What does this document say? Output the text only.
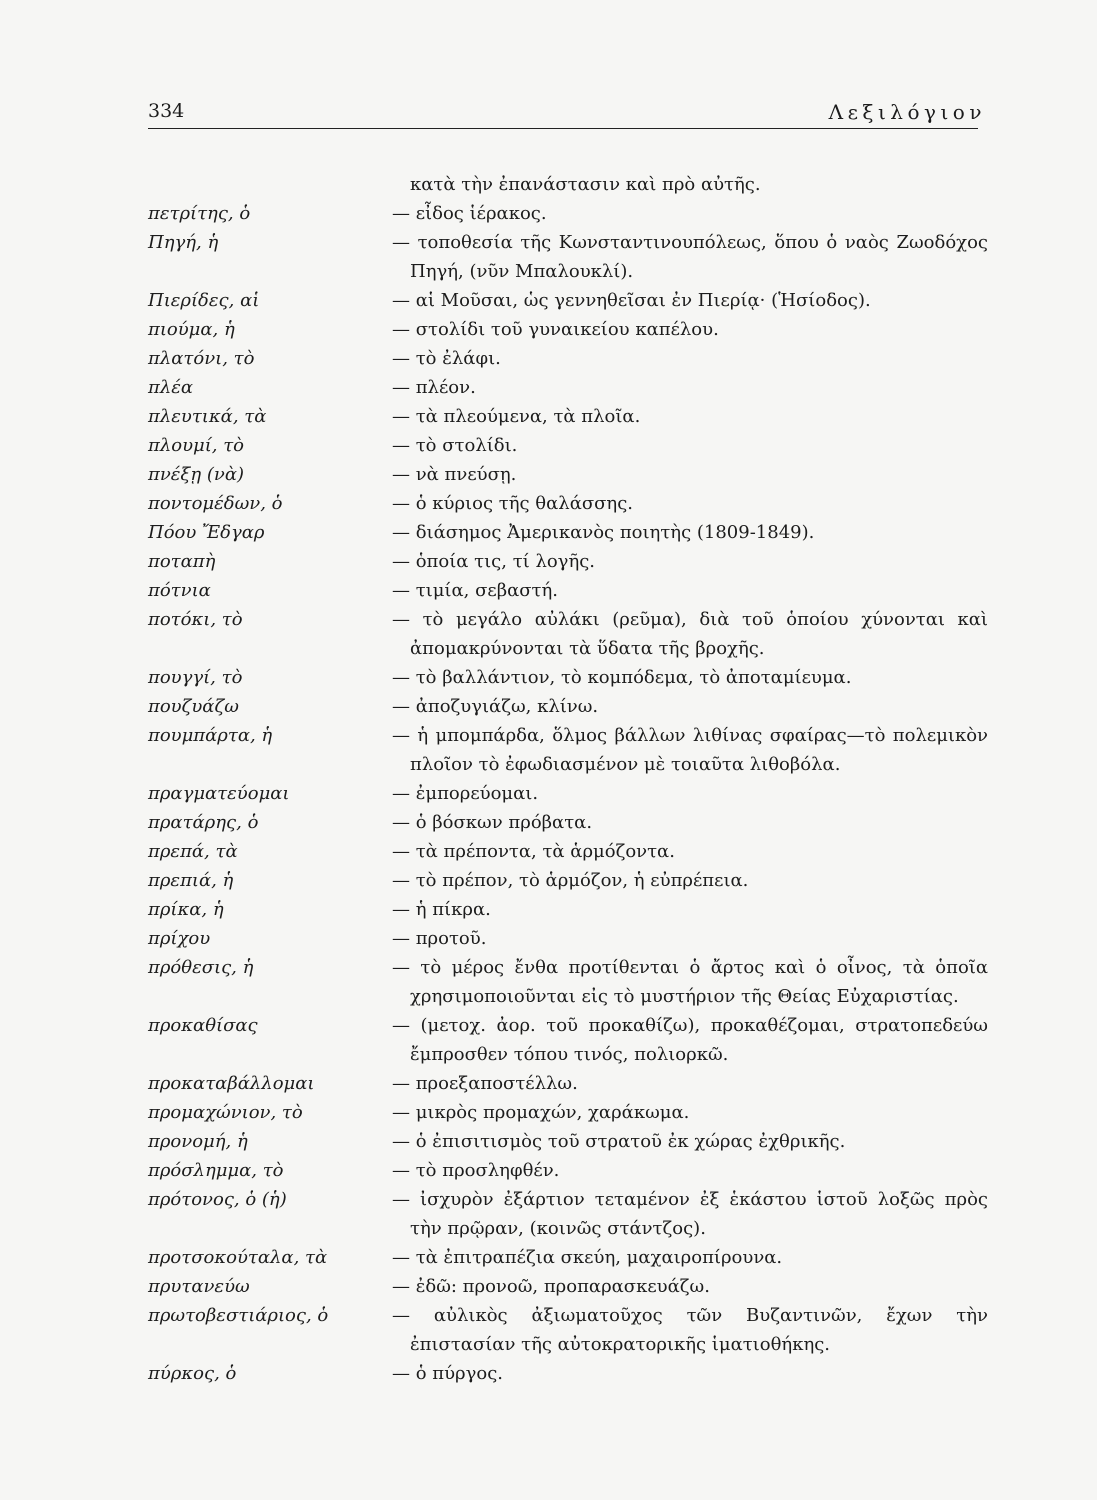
334	Λεξιλόγιον
κατὰ τὴν ἐπανάστασιν καὶ πρὸ αὐτῆς.
πετρίτης, ὁ	— εἶδος ἱέρακος.
Πηγή, ἡ	— τοποθεσία τῆς Κωνσταντινουπόλεως, ὅπου ὁ ναὸς Ζωοδόχος Πηγή, (νῦν Μπαλουκλί).
Πιερίδες, αἱ	— αἱ Μοῦσαι, ὡς γεννηθεῖσαι ἐν Πιερίᾳ· (Ἡσίοδος).
πιούμα, ἡ	— στολίδι τοῦ γυναικείου καπέλου.
πλατόνι, τὸ	— τὸ ἐλάφι.
πλέα	— πλέον.
πλευτικά, τὰ	— τὰ πλεούμενα, τὰ πλοῖα.
πλουμί, τὸ	— τὸ στολίδι.
πνέξῃ (νὰ)	— νὰ πνεύσῃ.
ποντομέδων, ὁ	— ὁ κύριος τῆς θαλάσσης.
Πόου Ἔδγαρ	— διάσημος Ἀμερικανὸς ποιητὴς (1809-1849).
ποταπὴ	— ὁποία τις, τί λογῆς.
πότνια	— τιμία, σεβαστή.
ποτόκι, τὸ	— τὸ μεγάλο αὐλάκι (ρεῦμα), διὰ τοῦ ὁποίου χύνονται καὶ ἀπομακρύνονται τὰ ὕδατα τῆς βροχῆς.
πουγγί, τὸ	— τὸ βαλλάντιον, τὸ κομπόδεμα, τὸ ἀποταμίευμα.
πουζυάζω	— ἀποζυγιάζω, κλίνω.
πουμπάρτα, ἡ	— ἡ μπομπάρδα, ὅλμος βάλλων λιθίνας σφαίρας—τὸ πολεμικὸν πλοῖον τὸ ἐφωδιασμένον μὲ τοιαῦτα λιθοβόλα.
πραγματεύομαι	— ἐμπορεύομαι.
πρατάρης, ὁ	— ὁ βόσκων πρόβατα.
πρεπά, τὰ	— τὰ πρέποντα, τὰ ἁρμόζοντα.
πρεπιά, ἡ	— τὸ πρέπον, τὸ ἁρμόζον, ἡ εὐπρέπεια.
πρίκα, ἡ	— ἡ πίκρα.
πρίχου	— προτοῦ.
πρόθεσις, ἡ	— τὸ μέρος ἔνθα προτίθενται ὁ ἄρτος καὶ ὁ οἶνος, τὰ ὁποῖα χρησιμοποιοῦνται εἰς τὸ μυστήριον τῆς Θείας Εὐχαριστίας.
προκαθίσας	— (μετοχ. ἀορ. τοῦ προκαθίζω), προκαθέζομαι, στρατοπεδεύω ἔμπροσθεν τόπου τινός, πολιορκῶ.
προκαταβάλλομαι	— προεξαποστέλλω.
προμαχώνιον, τὸ	— μικρὸς προμαχών, χαράκωμα.
προνομή, ἡ	— ὁ ἐπισιτισμὸς τοῦ στρατοῦ ἐκ χώρας ἐχθρικῆς.
πρόσλημμα, τὸ	— τὸ προσληφθέν.
πρότονος, ὁ (ἡ)	— ἰσχυρὸν ἐξάρτιον τεταμένον ἐξ ἑκάστου ἱστοῦ λοξῶς πρὸς τὴν πρῷραν, (κοινῶς στάντζος).
προτσοκούταλα, τὰ	— τὰ ἐπιτραπέζια σκεύη, μαχαιροπίρουνα.
πρυτανεύω	— ἐδῶ: προνοῶ, προπαρασκευάζω.
πρωτοβεστιάριος, ὁ	— αὐλικὸς ἀξιωματοῦχος τῶν Βυζαντινῶν, ἔχων τὴν ἐπιστασίαν τῆς αὐτοκρατορικῆς ἱματιοθήκης.
πύρκος, ὁ	— ὁ πύργος.
